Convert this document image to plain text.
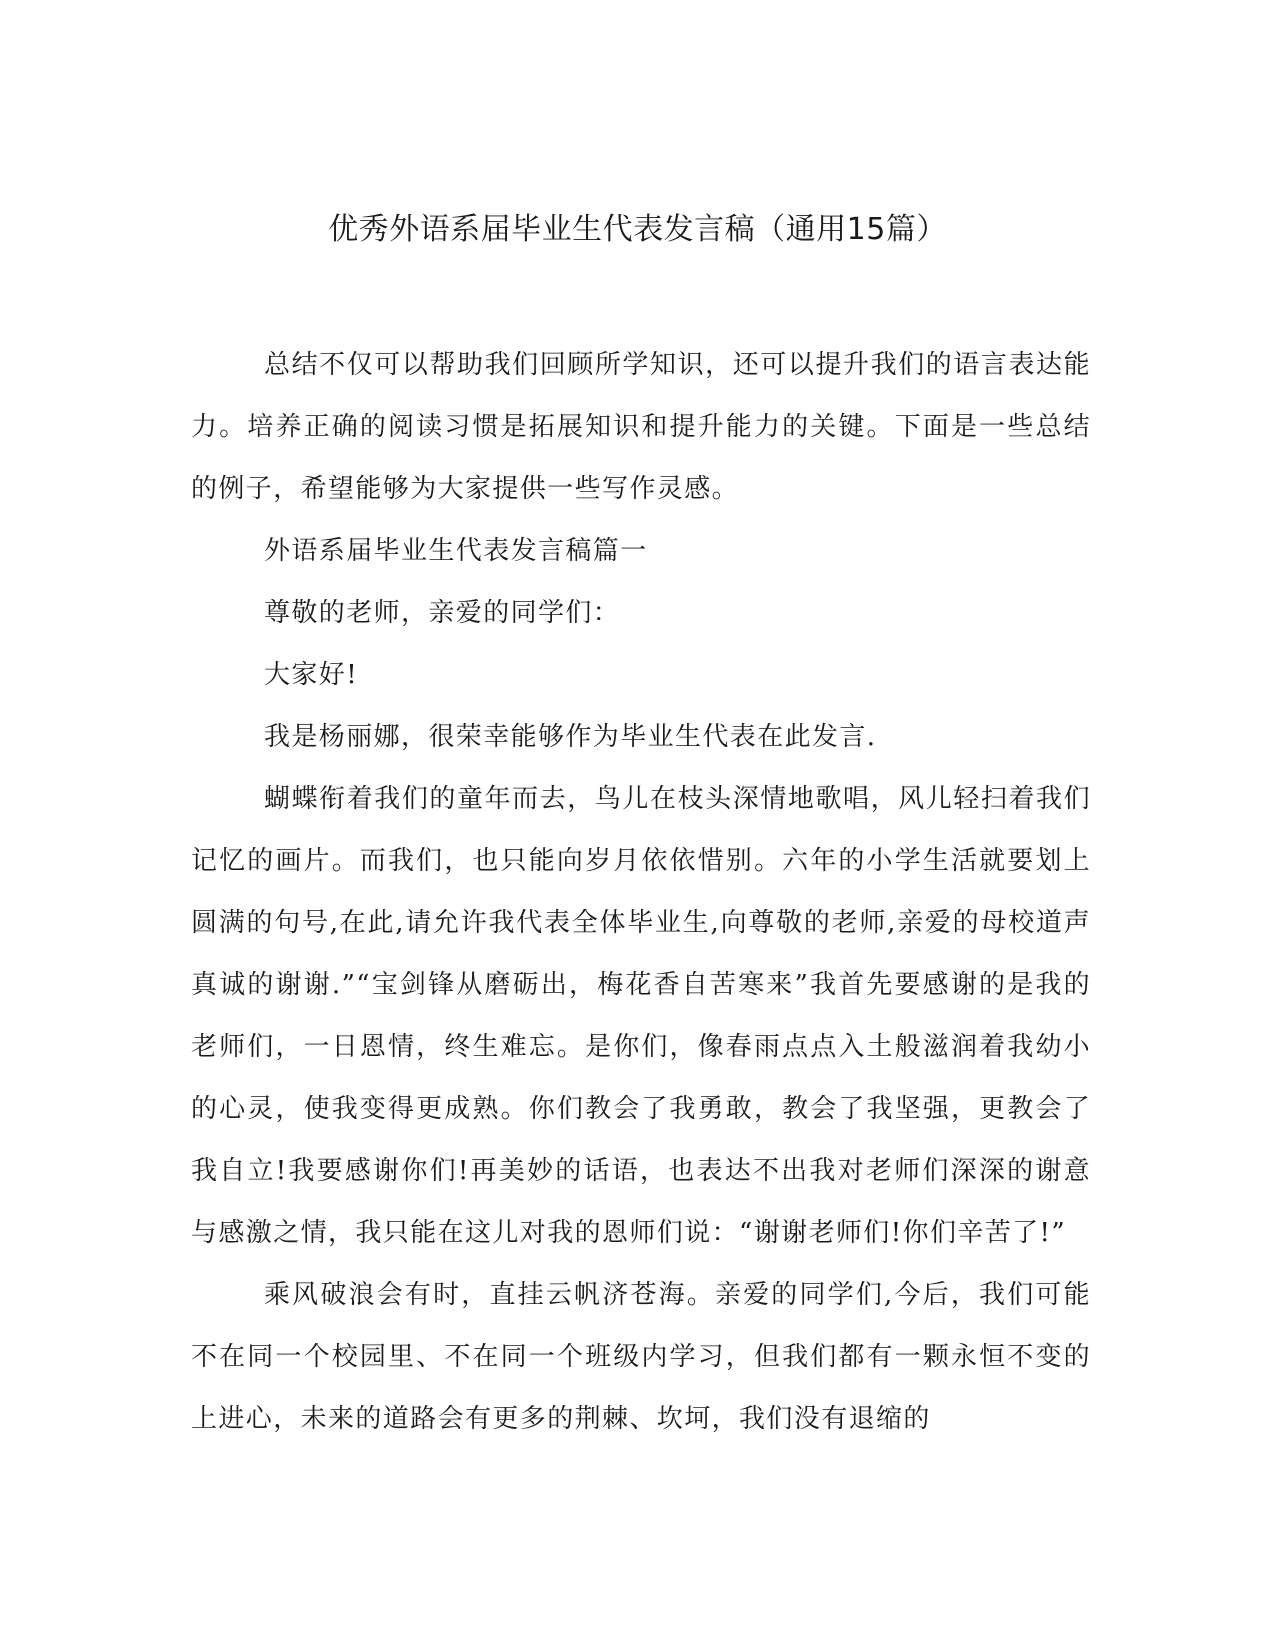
优秀外语系届毕业生代表发言稿（通用15篇）

总结不仅可以帮助我们回顾所学知识，还可以提升我们的语言表达能力。培养正确的阅读习惯是拓展知识和提升能力的关键。下面是一些总结的例子，希望能够为大家提供一些写作灵感。

外语系届毕业生代表发言稿篇一

尊敬的老师，亲爱的同学们：

大家好!

我是杨丽娜，很荣幸能够作为毕业生代表在此发言.

蝴蝶衔着我们的童年而去，鸟儿在枝头深情地歌唱，风儿轻扫着我们记忆的画片。而我们，也只能向岁月依依惜别。六年的小学生活就要划上圆满的句号,在此,请允许我代表全体毕业生,向尊敬的老师,亲爱的母校道声真诚的谢谢.”“宝剑锋从磨砺出，梅花香自苦寒来”我首先要感谢的是我的老师们，一日恩情，终生难忘。是你们，像春雨点点入土般滋润着我幼小的心灵，使我变得更成熟。你们教会了我勇敢，教会了我坚强，更教会了我自立!我要感谢你们!再美妙的话语，也表达不出我对老师们深深的谢意与感激之情，我只能在这儿对我的恩师们说：“谢谢老师们!你们辛苦了!”

乘风破浪会有时，直挂云帆济苍海。亲爱的同学们,今后，我们可能不在同一个校园里、不在同一个班级内学习，但我们都有一颗永恒不变的上进心，未来的道路会有更多的荆棘、坎坷，我们没有退缩的
